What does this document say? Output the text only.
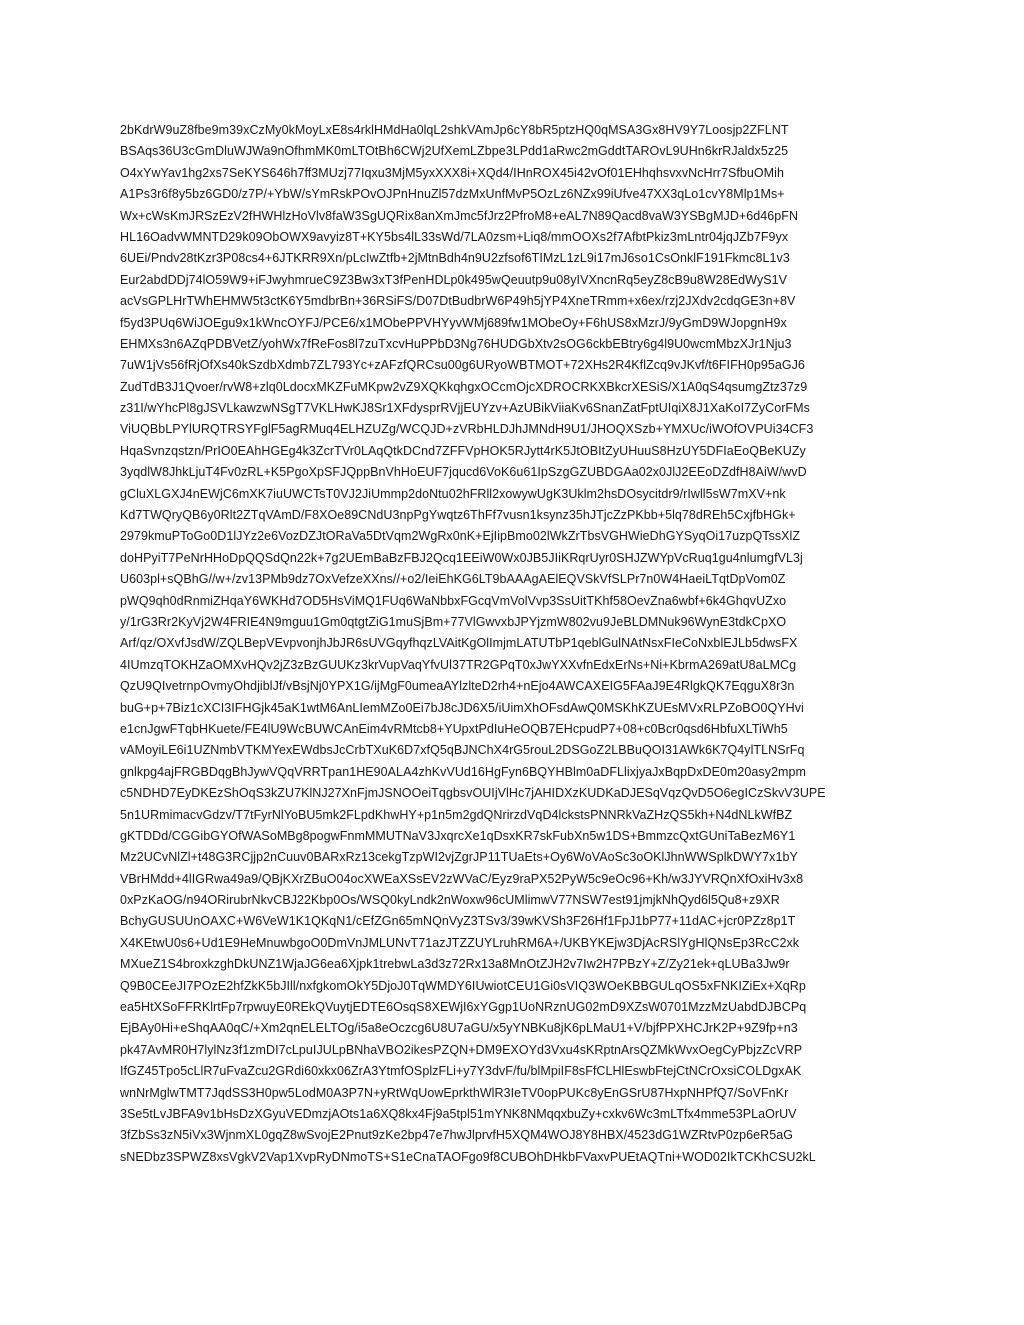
2bKdrW9uZ8fbe9m39xCzMy0kMoyLxE8s4rklHMdHa0lqL2shkVAmJp6cY8bR5ptzHQ0qMSA3Gx8HV9Y7Loosjp2ZFLNT
BSAqs36U3cGmDluWJWa9nOfhmMK0mLTOtBh6CWj2UfXemLZbpe3LPdd1aRwc2mGddtTAROvL9UHn6krRJaldx5z25
O4xYwYav1hg2xs7SeKYS646h7ff3MUzj77Iqxu3MjM5yxXXX8i+XQd4/IHnROX45i42vOf01EHhqhsvxvNcHrr7SfbuOMih
A1Ps3r6f8y5bz6GD0/z7P/+YbW/sYmRskPOvOJPnHnuZl57dzMxUnfMvP5OzLz6NZx99iUfve47XX3qLo1cvY8Mlp1Ms+
Wx+cWsKmJRSzEzV2fHWHlzHoVlv8faW3SgUQRix8anXmJmc5fJrz2PfroM8+eAL7N89Qacd8vaW3YSBgMJD+6d46pFN
HL16OadvWMNTD29k09ObOWX9avyiz8T+KY5bs4lL33sWd/7LA0zsm+Liq8/mmOOXs2f7AfbtPkiz3mLntr04jqJZb7F9yx
6UEi/Pndv28tKzr3P08cs4+6JTKRR9Xn/pLcIwZtfb+2jMtnBdh4n9U2zfsof6TIMzL1zL9i17mJ6so1CsOnklF191Fkmc8L1v3
Eur2abdDDj74lO59W9+iFJwyhmrueC9Z3Bw3xT3fPenHDLp0k495wQeuutp9u08yIVXncnRq5eyZ8cB9u8W28EdWyS1V
acVsGPLHrTWhEHMW5t3ctK6Y5mdbrBn+36RSiFS/D07DtBudbrW6P49h5jYP4XneTRmm+x6ex/rzj2JXdv2cdqGE3n+8V
f5yd3PUq6WiJOEgu9x1kWncOYFJ/PCE6/x1MObePPVHYyvWMj689fw1MObeOy+F6hUS8xMzrJ/9yGmD9WJopgnH9x
EHMXs3n6AZqPDBVetZ/yohWx7fReFos8l7zuTxcvHuPPbD3Ng76HUDGbXtv2sOG6ckbEBtry6g4l9U0wcmMbzXJr1Nju3
7uW1jVs56fRjOfXs40kSzdbXdmb7ZL793Yc+zAFzfQRCsu00g6URyoWBTMOT+72XHs2R4KflZcq9vJKvf/t6FIFH0p95aGJ6
ZudTdB3J1Qvoer/rvW8+zlq0LdocxMKZFuMKpw2vZ9XQKkqhgxOCcmOjcXDROCRKXBkcrXESiS/X1A0qS4qsumgZtz37z9
z31I/wYhcPl8gJSVLkawzwNSgT7VKLHwKJ8Sr1XFdysprRVjjEUYzv+AzUBikViiaKv6SnanZatFptUIqiX8J1XaKoI7ZyCorFMs
ViUQBbLPYlURQTRSYFglF5agRMuq4ELHZUZg/WCQJD+zVRbHLDJhJMNdH9U1/JHOQXSzb+YMXUc/iWOfOVPUi34CF3
HqaSvnzqstzn/PrIO0EAhHGEg4k3ZcrTVr0LAqQtkDCnd7ZFFVpHOK5RJytt4rK5JtOBItZyUHuuS8HzUY5DFIaEoQBeKUZy
3yqdlW8JhkLjuT4Fv0zRL+K5PgoXpSFJQppBnVhHoEUF7jqucd6VoK6u61IpSzgGZUBDGAa02x0JlJ2EEoDZdfH8AiW/wvD
gCluXLGXJ4nEWjC6mXK7iuUWCTsT0VJ2JiUmmp2doNtu02hFRll2xowywUgK3Uklm2hsDOsycitdr9/rIwll5sW7mXV+nk
Kd7TWQryQB6y0Rlt2ZTqVAmD/F8XOe89CNdU3npPgYwqtz6ThFf7vusn1ksynz35hJTjcZzPKbb+5lq78dREh5CxjfbHGk+
2979kmuPToGo0D1lJYz2e6VozDZJtORaVa5DtVqm2WgRx0nK+EjIipBmo02lWkZrTbsVGHWieDhGYSyqOi17uzpQTssXlZ
doHPyiT7PeNrHHoDpQQSdQn22k+7g2UEmBaBzFBJ2Qcq1EEiW0Wx0JB5JIiKRqrUyr0SHJZWYpVcRuq1gu4nlumgfVL3j
U603pl+sQBhG//w+/zv13PMb9dz7OxVefzeXXns//+o2/IeiEhKG6LT9bAAAgAElEQVSkVfSLPr7n0W4HaeiLTqtDpVom0Z
pWQ9qh0dRnmiZHqaY6WKHd7OD5HsViMQ1FUq6WaNbbxFGcqVmVolVvp3SsUitTKhf58OevZna6wbf+6k4GhqvUZxo
y/1rG3Rr2KyVj2W4FRIE4N9mguu1Gm0qtgtZiG1muSjBm+77VlGwvxbJPYjzmW802vu9JeBLDMNuk96WynE3tdkCpXO
Arf/qz/OXvfJsdW/ZQLBepVEvpvonjhJbJR6sUVGqyfhqzLVAitKgOlImjmLATUTbP1qeblGulNAtNsxFIeCoNxblEJLb5dwsFX
4IUmzqTOKHZaOMXvHQv2jZ3zBzGUUKz3krVupVaqYfvUl37TR2GPqT0xJwYXXvfnEdxErNs+Ni+KbrmA269atU8aLMCg
QzU9QIvetrnpOvmyOhdjiblJf/vBsjNj0YPX1G/ijMgF0umeaAYlzlteD2rh4+nEjo4AWCAXEIG5FAaJ9E4RlgkQK7EqguX8r3n
buG+p+7Biz1cXCI3IFHGjk45aK1wtM6AnLIemMZo0Ei7bJ8cJD6X5/iUimXhOFsdAwQ0MSKhKZUEsMVxRLPZoBO0QYHvi
e1cnJgwFTqbHKuete/FE4lU9WcBUWCAnEim4vRMtcb8+YUpxtPdIuHeOQB7EHcpudP7+08+c0Bcr0qsd6HbfuXLTiWh5
vAMoyiLE6i1UZNmbVTKMYexEWdbsJcCrbTXuK6D7xfQ5qBJNChX4rG5rouL2DSGoZ2LBBuQOI31AWk6K7Q4ylTLNSrFq
gnlkpg4ajFRGBDqgBhJywVQqVRRTpan1HE90ALA4zhKvVUd16HgFyn6BQYHBlm0aDFLlixjyaJxBqpDxDE0m20asy2mpm
c5NDHD7EyDKEzShOqS3kZU7KlNJ27XnFjmJSNOOeiTqgbsvOUIjVlHc7jAHIDXzKUDKaDJESqVqzQvD5O6egICzSkvV3UPE
5n1URmimacvGdzv/T7tFyrNlYoBU5mk2FLpdKhwHY+p1n5m2gdQNrirzdVqD4lckstsPNNRkVaZHzQS5kh+N4dNLkWfBZ
gKTDDd/CGGibGYOfWASoMBg8pogwFnmMMUTNaV3JxqrcXe1qDsxKR7skFubXn5w1DS+BmmzcQxtGUniTaBezM6Y1
Mz2UCvNlZl+t48G3RCjjp2nCuuv0BARxRz13cekgTzpWI2vjZgrJP11TUaEts+Oy6WoVAoSc3oOKlJhnWWSplkDWY7x1bY
VBrHMdd+4lIGRwa49a9/QBjKXrZBuO04ocXWEaXSsEV2zWVaC/Eyz9raPX52PyW5c9eOc96+Kh/w3JYVRQnXfOxiHv3x8
0xPzKaOG/n94ORirubrNkvCBJ22Kbp0Os/WSQ0kyLndk2nWoxw96cUMlimwV77NSW7est91jmjkNhQyd6l5Qu8+z9XR
BchyGUSUUnOAXC+W6VeW1K1QKqN1/cEfZGn65mNQnVyZ3TSv3/39wKVSh3F26Hf1FpJ1bP77+11dAC+jcr0PZz8p1T
X4KEtwU0s6+Ud1E9HeMnuwbgoO0DmVnJMLUNvT71azJTZZUYLruhRM6A+/UKBYKEjw3DjAcRSlYgHlQNsEp3RcC2xk
MXueZ1S4broxkzghDkUNZ1WjaJG6ea6Xjpk1trebwLa3d3z72Rx13a8MnOtZJH2v7Iw2H7PBzY+Z/Zy21ek+qLUBa3Jw9r
Q9B0CEeJI7POzE2hfZkK5bJIll/nxfgkomOkY5DjoJ0TqWMDY6IUwiotCEU1Gi0sVIQ3WOeKBBGULqOS5xFNKIZiEx+XqRp
ea5HtXSoFFRKlrtFp7rpwuyE0REkQVuytjEDTE6OsqS8XEWjI6xYGgp1UoNRznUG02mD9XZsW0701MzzMzUabdDJBCPq
EjBAy0Hi+eShqAA0qC/+Xm2qnELELTOg/i5a8eOczcg6U8U7aGU/x5yYNBKu8jK6pLMaU1+V/bjfPPXHCJrK2P+9Z9fp+n3
pk47AvMR0H7lylNz3f1zmDI7cLpuIJULpBNhaVBO2ikesPZQN+DM9EXOYd3Vxu4sKRptnArsQZMkWvxOegCyPbjzZcVRP
IfGZ45Tpo5cLlR7uFvaZcu2GRdi60xkx06ZrA3YtmfOSplzFLi+y7Y3dvF/fu/blMpiIF8sFfCLHlEswbFtejCtNCrOxsiCOLDgxAK
wnNrMglwTMT7JqdSS3H0pw5LodM0A3P7N+yRtWqUowEprkthWlR3IeTV0opPUKc8yEnGSrU87HxpNHPfQ7/SoVFnKr
3Se5tLvJBFA9v1bHsDzXGyuVEDmzjAOts1a6XQ8kx4Fj9a5tpl51mYNK8NMqqxbuZy+cxkv6Wc3mLTfx4mme53PLaOrUV
3fZbSs3zN5iVx3WjnmXL0gqZ8wSvojE2Pnut9zKe2bp47e7hwJlprvfH5XQM4WOJ8Y8HBX/4523dG1WZRtvP0zp6eR5aG
sNEDbz3SPWZ8xsVgkV2Vap1XvpRyDNmoTS+S1eCnaTAOFgo9f8CUBOhDHkbFVaxvPUEtAQTni+WOD02IkTCKhCSU2kL
